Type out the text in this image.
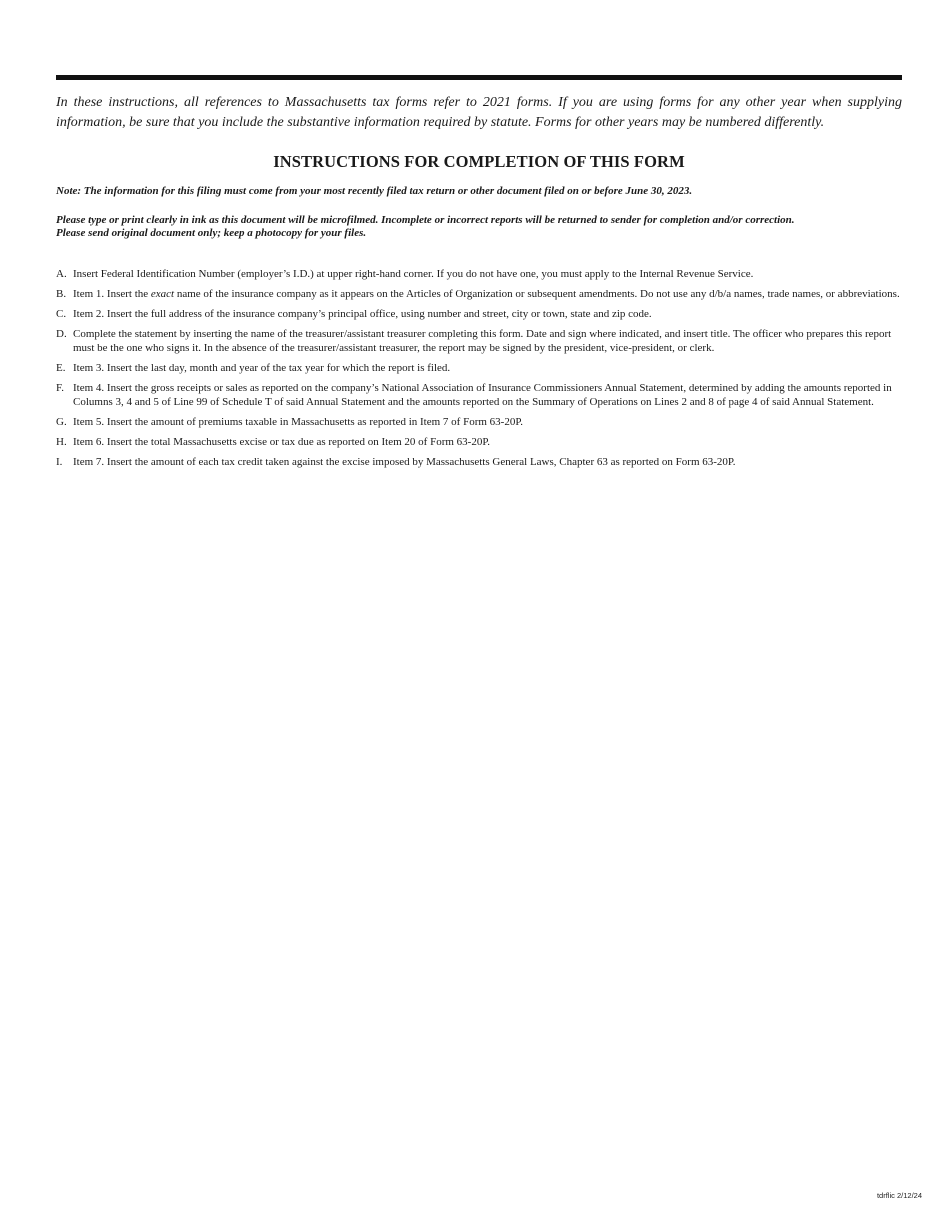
In these instructions, all references to Massachusetts tax forms refer to 2021 forms. If you are using forms for any other year when supplying information, be sure that you include the substantive information required by statute. Forms for other years may be numbered differently.
INSTRUCTIONS FOR COMPLETION OF THIS FORM
Note: The information for this filing must come from your most recently filed tax return or other document filed on or before June 30, 2023.
Please type or print clearly in ink as this document will be microfilmed. Incomplete or incorrect reports will be returned to sender for completion and/or correction.
Please send original document only; keep a photocopy for your files.
A. Insert Federal Identification Number (employer’s I.D.) at upper right-hand corner. If you do not have one, you must apply to the Internal Revenue Service.
B. Item 1. Insert the exact name of the insurance company as it appears on the Articles of Organization or subsequent amendments. Do not use any d/b/a names, trade names, or abbreviations.
C. Item 2. Insert the full address of the insurance company’s principal office, using number and street, city or town, state and zip code.
D. Complete the statement by inserting the name of the treasurer/assistant treasurer completing this form. Date and sign where indicated, and insert title. The officer who prepares this report must be the one who signs it. In the absence of the treasurer/assistant treasurer, the report may be signed by the president, vice-president, or clerk.
E. Item 3. Insert the last day, month and year of the tax year for which the report is filed.
F. Item 4. Insert the gross receipts or sales as reported on the company’s National Association of Insurance Commissioners Annual Statement, determined by adding the amounts reported in Columns 3, 4 and 5 of Line 99 of Schedule T of said Annual Statement and the amounts reported on the Summary of Operations on Lines 2 and 8 of page 4 of said Annual Statement.
G. Item 5. Insert the amount of premiums taxable in Massachusetts as reported in Item 7 of Form 63-20P.
H. Item 6. Insert the total Massachusetts excise or tax due as reported on Item 20 of Form 63-20P.
I. Item 7. Insert the amount of each tax credit taken against the excise imposed by Massachusetts General Laws, Chapter 63 as reported on Form 63-20P.
tdrflic 2/12/24
